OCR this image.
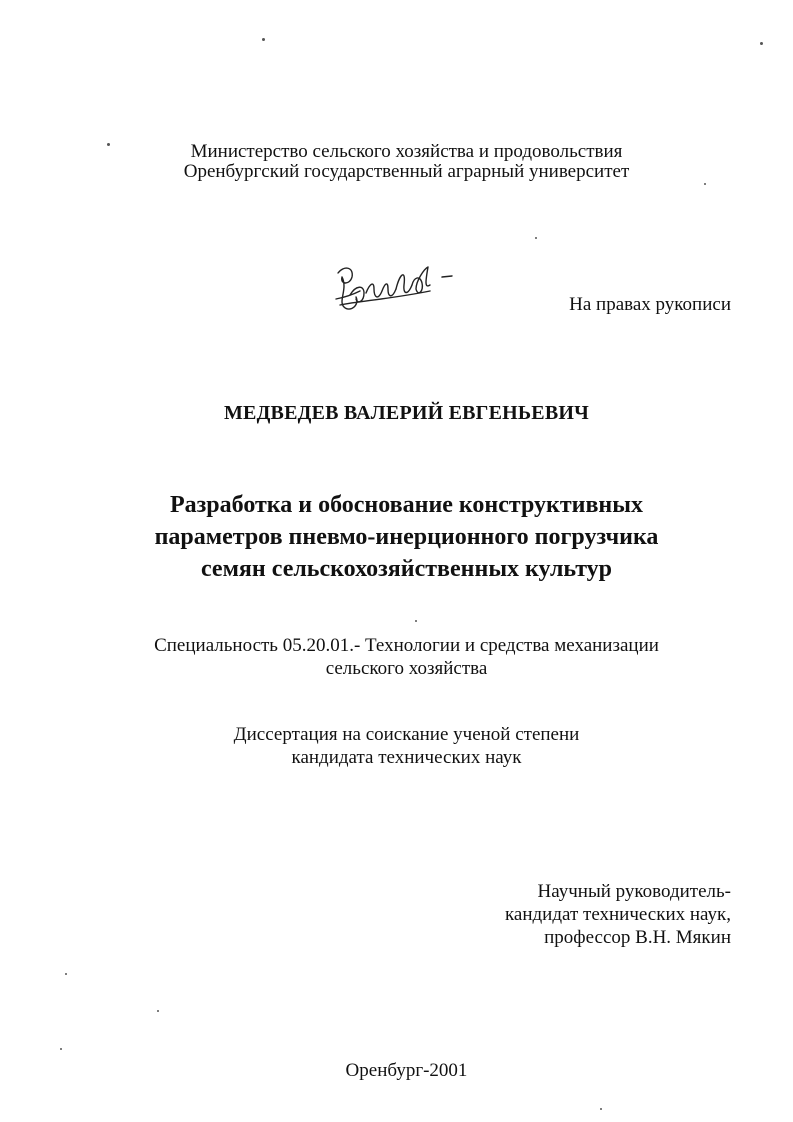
Министерство сельского хозяйства и продовольствия
Оренбургский государственный аграрный университет
На правах рукописи
МЕДВЕДЕВ ВАЛЕРИЙ ЕВГЕНЬЕВИЧ
Разработка и обоснование конструктивных
параметров пневмо-инерционного погрузчика
семян сельскохозяйственных культур
Специальность 05.20.01.- Технологии и средства механизации
сельского хозяйства
Диссертация на соискание ученой степени
кандидата технических наук
Научный руководитель-
кандидат технических наук,
профессор В.Н. Мякин
Оренбург-2001
